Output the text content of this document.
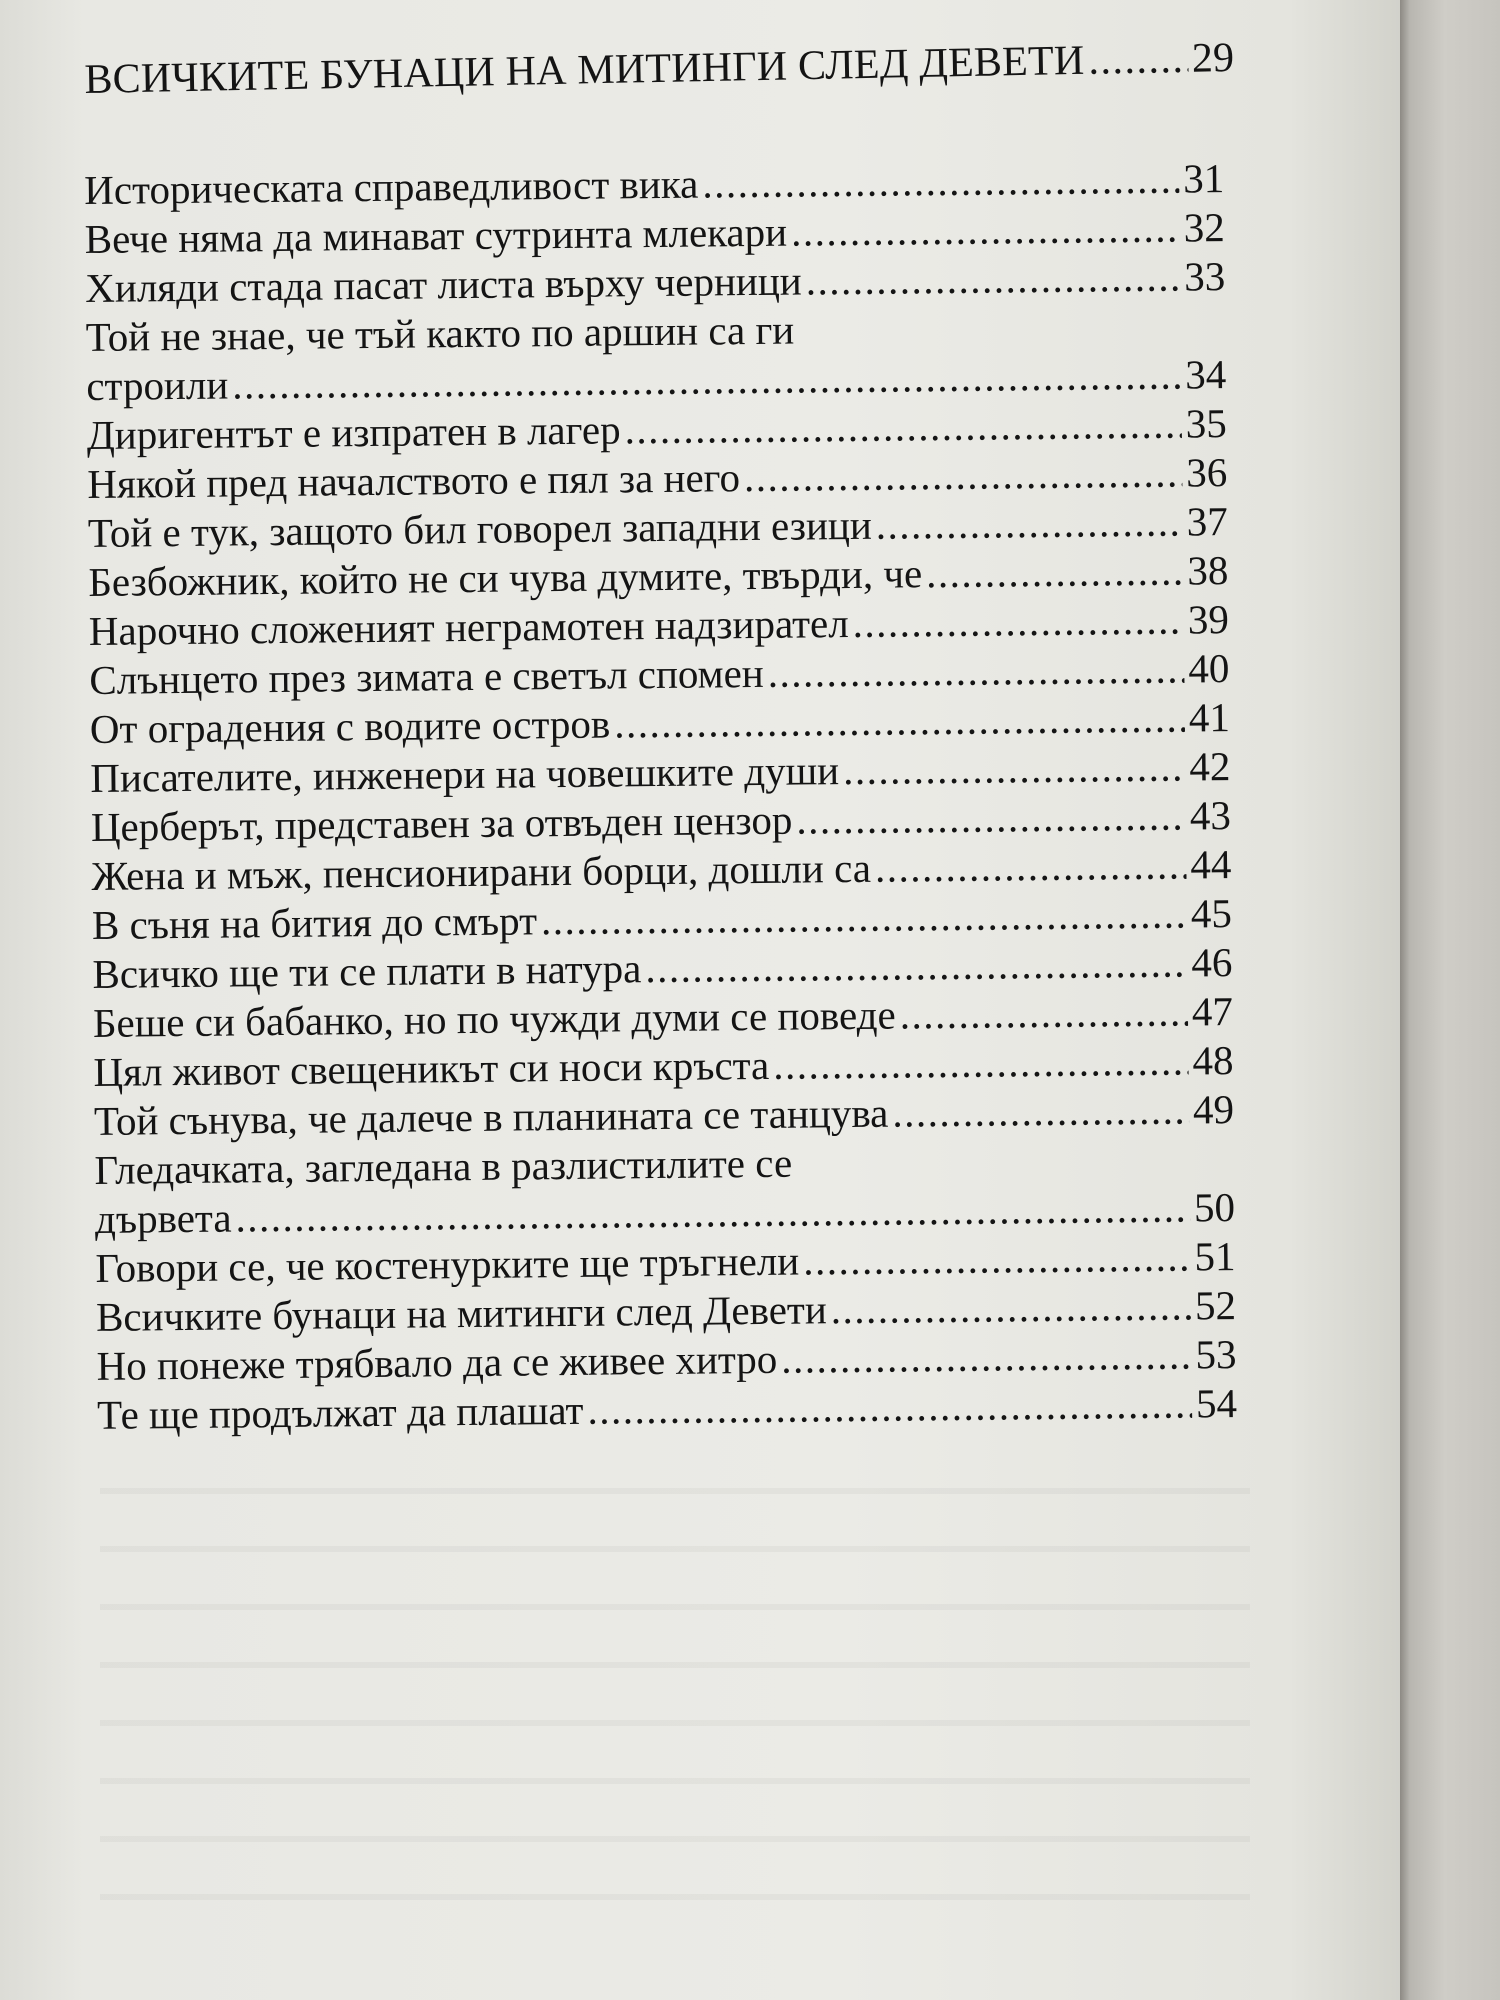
ВСИЧКИТЕ БУНАЦИ НА МИТИНГИ СЛЕД ДЕВЕТИ .....	29
Историческата справедливост вика .....	31
Вече няма да минават сутринта млекари .....	32
Хиляди стада пасат листа върху черници .....	33
Той не знае, че тъй както по аршин са ги
строили .....	34
Диригентът е изпратен в лагер .....	35
Някой пред началството е пял за него .....	36
Той е тук, защото бил говорел западни езици .....	37
Безбожник, който не си чува думите, твърди, че .....	38
Нарочно сложеният неграмотен надзирател .....	39
Слънцето през зимата е светъл спомен .....	40
От оградения с водите остров .....	41
Писателите, инженери на човешките души .....	42
Церберът, представен за отвъден цензор .....	43
Жена и мъж, пенсионирани борци, дошли са .....	44
В съня на бития до смърт .....	45
Всичко ще ти се плати в натура .....	46
Беше си бабанко, но по чужди думи се поведе .....	47
Цял живот свещеникът си носи кръста .....	48
Той сънува, че далече в планината се танцува .....	49
Гледачката, загледана в разлистилите се
дървета .....	50
Говори се, че костенурките ще тръгнели .....	51
Всичките бунаци на митинги след Девети .....	52
Но понеже трябвало да се живее хитро .....	53
Те ще продължат да плашат .....	54
